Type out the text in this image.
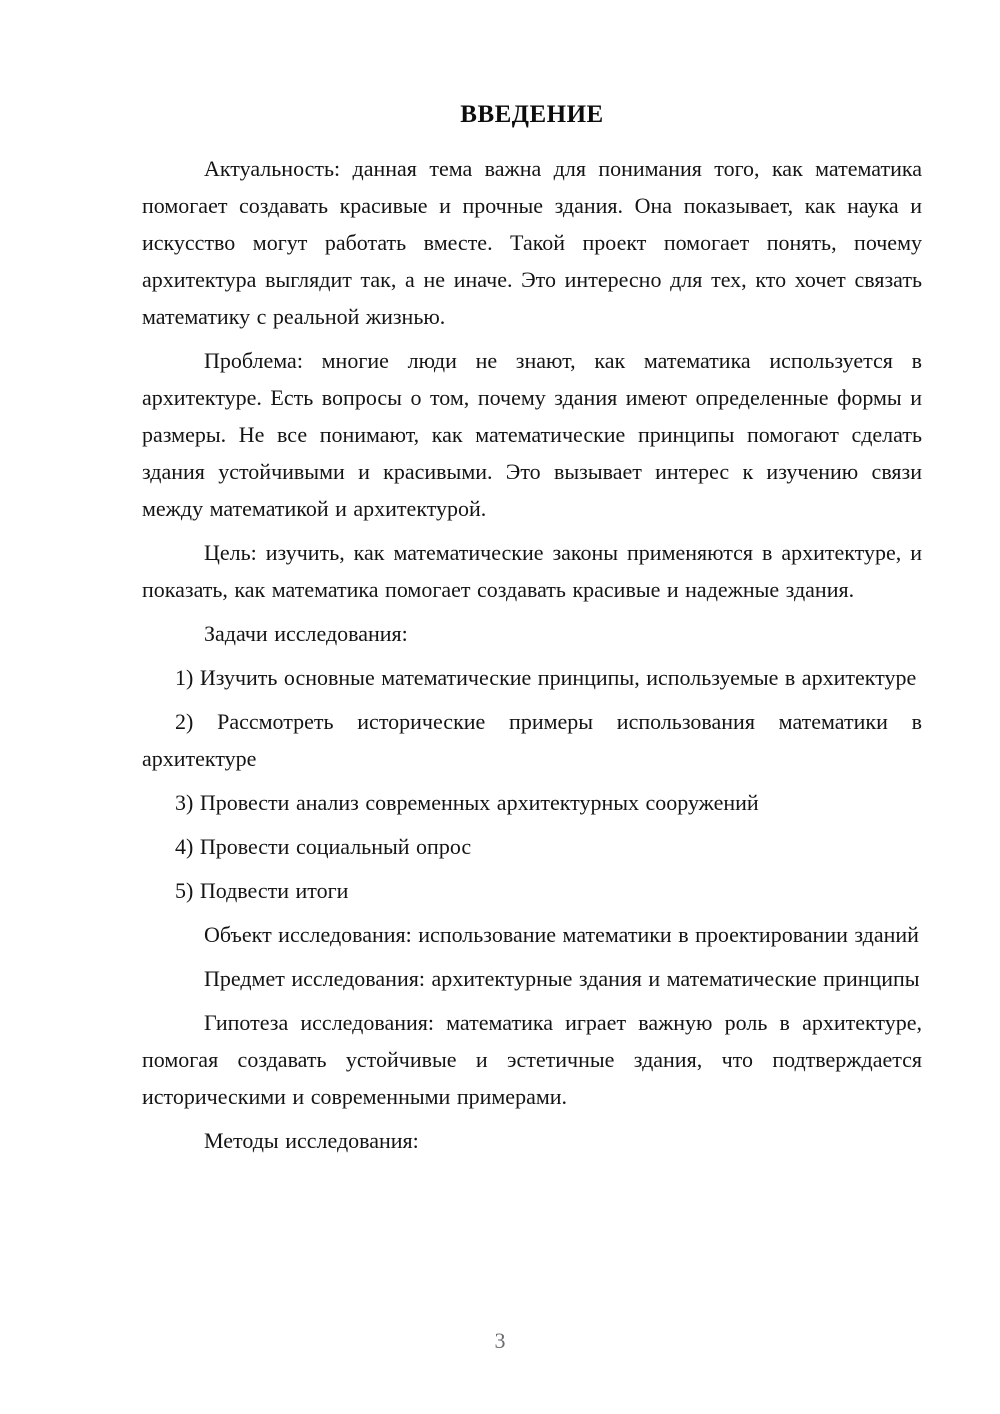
ВВЕДЕНИЕ

Актуальность: данная тема важна для понимания того, как математика помогает создавать красивые и прочные здания. Она показывает, как наука и искусство могут работать вместе. Такой проект помогает понять, почему архитектура выглядит так, а не иначе. Это интересно для тех, кто хочет связать математику с реальной жизнью.

Проблема: многие люди не знают, как математика используется в архитектуре. Есть вопросы о том, почему здания имеют определенные формы и размеры. Не все понимают, как математические принципы помогают сделать здания устойчивыми и красивыми. Это вызывает интерес к изучению связи между математикой и архитектурой.

Цель: изучить, как математические законы применяются в архитектуре, и показать, как математика помогает создавать красивые и надежные здания.

Задачи исследования:

1) Изучить основные математические принципы, используемые в архитектуре

2) Рассмотреть исторические примеры использования математики в архитектуре

3) Провести анализ современных архитектурных сооружений

4) Провести социальный опрос

5) Подвести итоги

Объект исследования: использование математики в проектировании зданий

Предмет исследования: архитектурные здания и математические принципы

Гипотеза исследования: математика играет важную роль в архитектуре, помогая создавать устойчивые и эстетичные здания, что подтверждается историческими и современными примерами.

Методы исследования:

3
